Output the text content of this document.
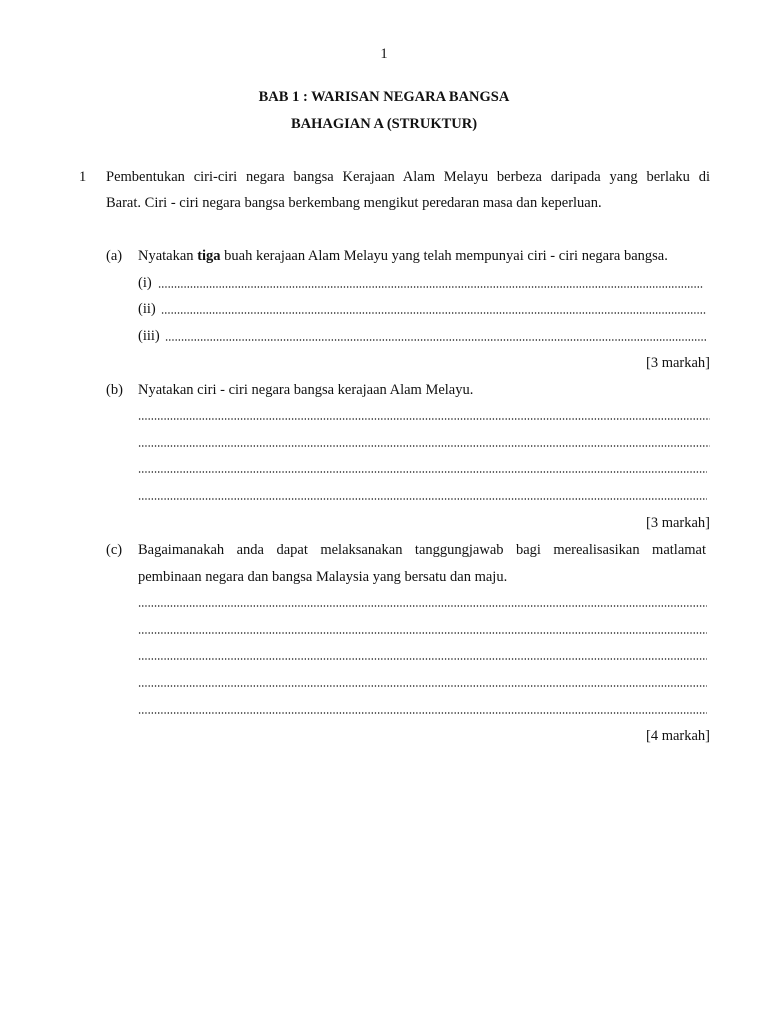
1
BAB 1 : WARISAN NEGARA BANGSA
BAHAGIAN A (STRUKTUR)
1 Pembentukan ciri-ciri negara bangsa Kerajaan Alam Melayu berbeza daripada yang berlaku di
Barat. Ciri - ciri negara bangsa berkembang mengikut peredaran masa dan keperluan.
(a) Nyatakan tiga buah kerajaan Alam Melayu yang telah mempunyai ciri - ciri negara bangsa.
(i)
(ii)
(iii)
[3 markah]
(b) Nyatakan ciri - ciri negara bangsa kerajaan Alam Melayu.
[3 markah]
(c) Bagaimanakah anda dapat melaksanakan tanggungjawab bagi merealisasikan matlamat
pembinaan negara dan bangsa Malaysia yang bersatu dan maju.
[4 markah]
